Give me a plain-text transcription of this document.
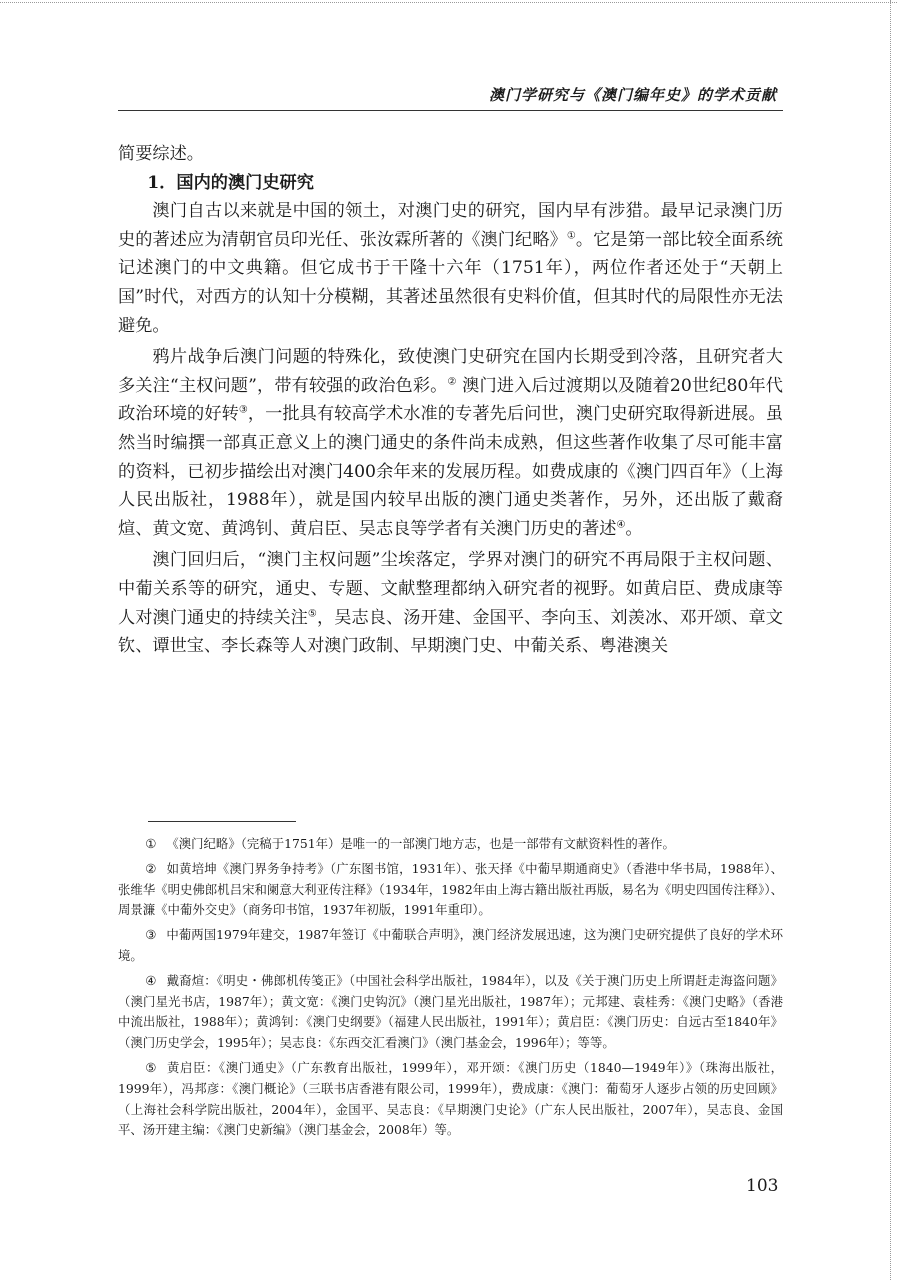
澳门学研究与《澳门编年史》的学术贡献

简要综述。

1．国内的澳门史研究

澳门自古以来就是中国的领土，对澳门史的研究，国内早有涉猎。最早记录澳门历史的著述应为清朝官员印光任、张汝霖所著的《澳门纪略》①。它是第一部比较全面系统记述澳门的中文典籍。但它成书于干隆十六年（1751年），两位作者还处于“天朝上国”时代，对西方的认知十分模糊，其著述虽然很有史料价值，但其时代的局限性亦无法避免。

鸦片战争后澳门问题的特殊化，致使澳门史研究在国内长期受到冷落，且研究者大多关注“主权问题”，带有较强的政治色彩。② 澳门进入后过渡期以及随着20世纪80年代政治环境的好转③，一批具有较高学术水准的专著先后问世，澳门史研究取得新进展。虽然当时编撰一部真正意义上的澳门通史的条件尚未成熟，但这些著作收集了尽可能丰富的资料，已初步描绘出对澳门400余年来的发展历程。如费成康的《澳门四百年》（上海人民出版社，1988年），就是国内较早出版的澳门通史类著作，另外，还出版了戴裔煊、黄文宽、黄鸿钊、黄启臣、吴志良等学者有关澳门历史的著述④。

澳门回归后，“澳门主权问题”尘埃落定，学界对澳门的研究不再局限于主权问题、中葡关系等的研究，通史、专题、文献整理都纳入研究者的视野。如黄启臣、费成康等人对澳门通史的持续关注⑤，吴志良、汤开建、金国平、李向玉、刘羡冰、邓开颂、章文钦、谭世宝、李长森等人对澳门政制、早期澳门史、中葡关系、粤港澳关

① 《澳门纪略》（完稿于1751年）是唯一的一部澳门地方志，也是一部带有文献资料性的著作。

② 如黄培坤《澳门界务争持考》（广东图书馆，1931年）、张天择《中葡早期通商史》（香港中华书局，1988年）、张维华《明史佛郎机吕宋和阑意大利亚传注释》（1934年，1982年由上海古籍出版社再版，易名为《明史四国传注释》）、周景濂《中葡外交史》（商务印书馆，1937年初版，1991年重印）。

③ 中葡两国1979年建交，1987年签订《中葡联合声明》，澳门经济发展迅速，这为澳门史研究提供了良好的学术环境。

④ 戴裔煊：《明史・佛郎机传笺正》（中国社会科学出版社，1984年），以及《关于澳门历史上所谓赶走海盗问题》（澳门星光书店，1987年）；黄文宽：《澳门史钩沉》（澳门星光出版社，1987年）；元邦建、袁桂秀：《澳门史略》（香港中流出版社，1988年）；黄鸿钊：《澳门史纲要》（福建人民出版社，1991年）；黄启臣：《澳门历史：自远古至1840年》（澳门历史学会，1995年）；吴志良：《东西交汇看澳门》（澳门基金会，1996年）；等等。

⑤ 黄启臣：《澳门通史》（广东教育出版社，1999年），邓开颂：《澳门历史（1840—1949年）》（珠海出版社，1999年），冯邦彦：《澳门概论》（三联书店香港有限公司，1999年），费成康：《澳门：葡萄牙人逐步占领的历史回顾》（上海社会科学院出版社，2004年），金国平、吴志良：《早期澳门史论》（广东人民出版社，2007年），吴志良、金国平、汤开建主编：《澳门史新编》（澳门基金会，2008年）等。

103
